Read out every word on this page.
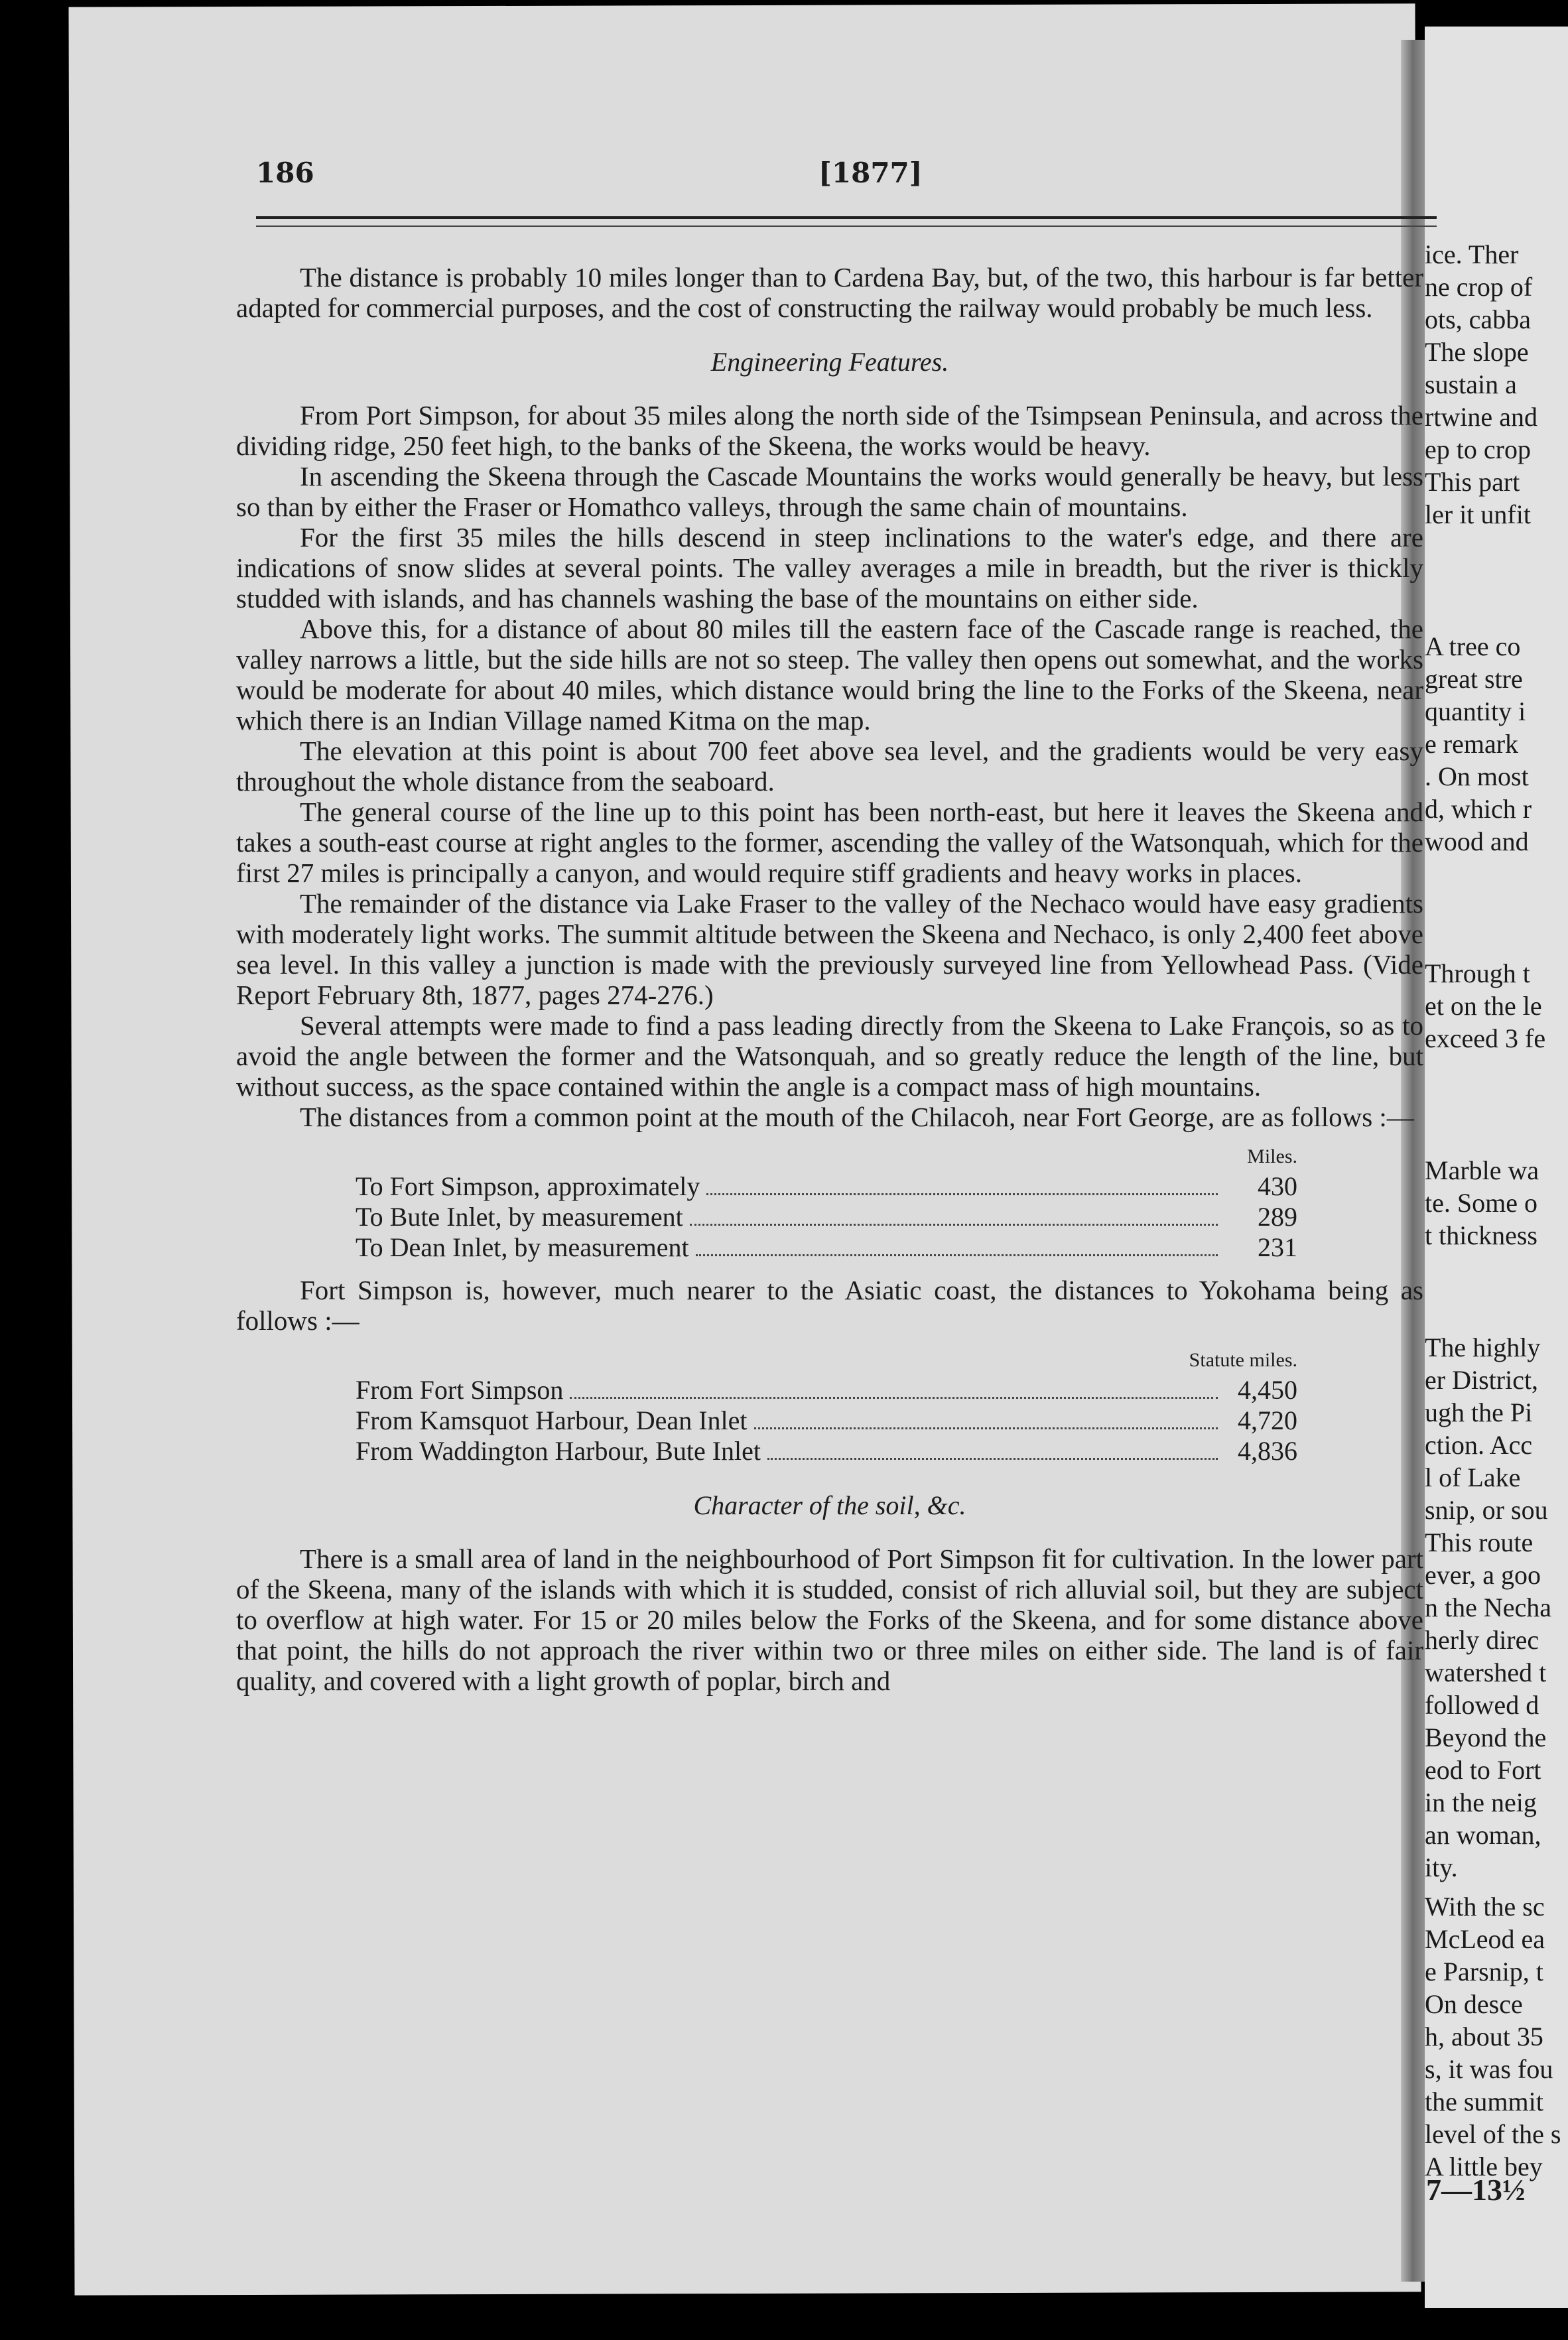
ice. Ther
ne crop of
ots, cabba
The slope
sustain a
rtwine and
ep to crop
This part
ler it unfit
A tree co
great stre
quantity i
e remark
. On most
d, which r
wood and
Through t
et on the le
exceed 3 fe
Marble wa
te. Some o
t thickness
The highly
er District,
ugh the Pi
ction. Acc
l of Lake
snip, or sou
This route
ever, a goo
n the Necha
herly direc
watershed t
followed d
Beyond the
eod to Fort
in the neig
an woman,
ity.
With the sc
McLeod ea
e Parsnip, t
On desce
h, about 35
s, it was fou
the summit
level of the s
A little bey
186	[1877]

The distance is probably 10 miles longer than to Cardena Bay, but, of the two, this harbour is far better adapted for commercial purposes, and the cost of constructing the railway would probably be much less.

Engineering Features.

From Port Simpson, for about 35 miles along the north side of the Tsimpsean Peninsula, and across the dividing ridge, 250 feet high, to the banks of the Skeena, the works would be heavy.

In ascending the Skeena through the Cascade Mountains the works would generally be heavy, but less so than by either the Fraser or Homathco valleys, through the same chain of mountains.

For the first 35 miles the hills descend in steep inclinations to the water's edge, and there are indications of snow slides at several points. The valley averages a mile in breadth, but the river is thickly studded with islands, and has channels washing the base of the mountains on either side.

Above this, for a distance of about 80 miles till the eastern face of the Cascade range is reached, the valley narrows a little, but the side hills are not so steep. The valley then opens out somewhat, and the works would be moderate for about 40 miles, which distance would bring the line to the Forks of the Skeena, near which there is an Indian Village named Kitma on the map.

The elevation at this point is about 700 feet above sea level, and the gradients would be very easy throughout the whole distance from the seaboard.

The general course of the line up to this point has been north-east, but here it leaves the Skeena and takes a south-east course at right angles to the former, ascending the valley of the Watsonquah, which for the first 27 miles is principally a canyon, and would require stiff gradients and heavy works in places.

The remainder of the distance via Lake Fraser to the valley of the Nechaco would have easy gradients with moderately light works. The summit altitude between the Skeena and Nechaco, is only 2,400 feet above sea level. In this valley a junction is made with the previously surveyed line from Yellowhead Pass. (Vide Report February 8th, 1877, pages 274-276.)

Several attempts were made to find a pass leading directly from the Skeena to Lake François, so as to avoid the angle between the former and the Watsonquah, and so greatly reduce the length of the line, but without success, as the space contained within the angle is a compact mass of high mountains.

The distances from a common point at the mouth of the Chilacoh, near Fort George, are as follows :—

Miles.
To Fort Simpson, approximately	430
To Bute Inlet, by measurement	289
To Dean Inlet, by measurement	231

Fort Simpson is, however, much nearer to the Asiatic coast, the distances to Yokohama being as follows :—

Statute miles.
From Fort Simpson	4,450
From Kamsquot Harbour, Dean Inlet	4,720
From Waddington Harbour, Bute Inlet	4,836
Character of the soil, &c.

There is a small area of land in the neighbourhood of Port Simpson fit for cultivation. In the lower part of the Skeena, many of the islands with which it is studded, consist of rich alluvial soil, but they are subject to overflow at high water. For 15 or 20 miles below the Forks of the Skeena, and for some distance above that point, the hills do not approach the river within two or three miles on either side. The land is of fair quality, and covered with a light growth of poplar, birch and

7—13½
